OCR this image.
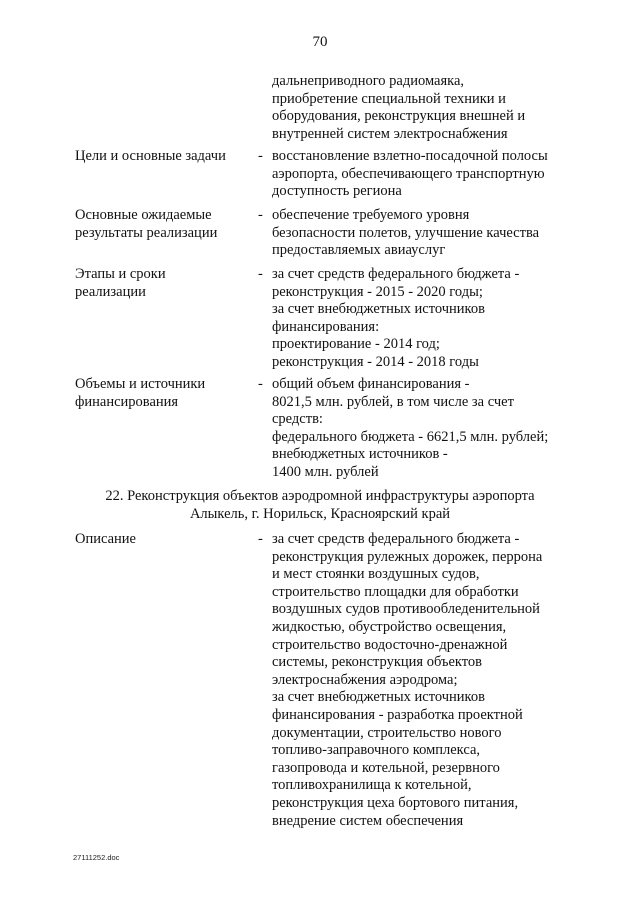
70
дальнеприводного радиомаяка,
приобретение специальной техники и
оборудования, реконструкция внешней и
внутренней систем электроснабжения
Цели и основные задачи	- восстановление взлетно-посадочной полосы
аэропорта, обеспечивающего транспортную
доступность региона
Основные ожидаемые
результаты реализации
- обеспечение требуемого уровня
безопасности полетов, улучшение качества
предоставляемых авиауслуг
Этапы и сроки
реализации
- за счет средств федерального бюджета -
реконструкция - 2015 - 2020 годы;
за счет внебюджетных источников
финансирования:
проектирование - 2014 год;
реконструкция - 2014 - 2018 годы
Объемы и источники
финансирования
- общий объем финансирования -
8021,5 млн. рублей, в том числе за счет
средств:
федерального бюджета - 6621,5 млн. рублей;
внебюджетных источников -
1400 млн. рублей
22. Реконструкция объектов аэродромной инфраструктуры аэропорта
Алыкель, г. Норильск, Красноярский край
Описание	- за счет средств федерального бюджета -
реконструкция рулежных дорожек, перрона
и мест стоянки воздушных судов,
строительство площадки для обработки
воздушных судов противообледенительной
жидкостью, обустройство освещения,
строительство водосточно-дренажной
системы, реконструкция объектов
электроснабжения аэродрома;
за счет внебюджетных источников
финансирования - разработка проектной
документации, строительство нового
топливо-заправочного комплекса,
газопровода и котельной, резервного
топливохранилища к котельной,
реконструкция цеха бортового питания,
внедрение систем обеспечения
27111252.doc
